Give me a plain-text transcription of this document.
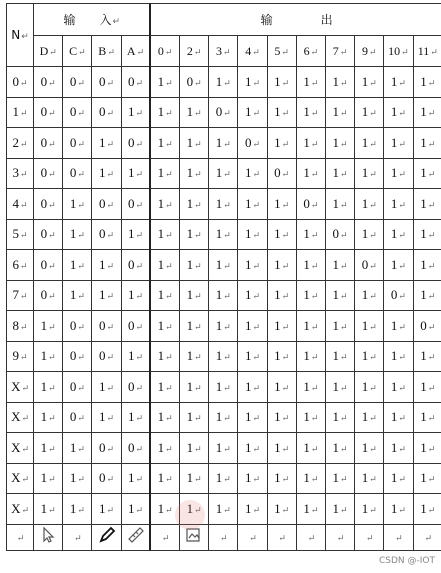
N↵	输　　入↵				输　　　　出									
	D↵	C↵	B↵	A↵	0↵	2↵	3↵	4↵	5↵	6↵	7↵	9↵	10↵	11↵
0↵	0↵	0↵	0↵	0↵	1↵	0↵	1↵	1↵	1↵	1↵	1↵	1↵	1↵	1↵
1↵	0↵	0↵	0↵	1↵	1↵	1↵	0↵	1↵	1↵	1↵	1↵	1↵	1↵	1↵
2↵	0↵	0↵	1↵	0↵	1↵	1↵	1↵	0↵	1↵	1↵	1↵	1↵	1↵	1↵
3↵	0↵	0↵	1↵	1↵	1↵	1↵	1↵	1↵	0↵	1↵	1↵	1↵	1↵	1↵
4↵	0↵	1↵	0↵	0↵	1↵	1↵	1↵	1↵	1↵	0↵	1↵	1↵	1↵	1↵
5↵	0↵	1↵	0↵	1↵	1↵	1↵	1↵	1↵	1↵	1↵	0↵	1↵	1↵	1↵
6↵	0↵	1↵	1↵	0↵	1↵	1↵	1↵	1↵	1↵	1↵	1↵	0↵	1↵	1↵
7↵	0↵	1↵	1↵	1↵	1↵	1↵	1↵	1↵	1↵	1↵	1↵	1↵	0↵	1↵
8↵	1↵	0↵	0↵	0↵	1↵	1↵	1↵	1↵	1↵	1↵	1↵	1↵	1↵	0↵
9↵	1↵	0↵	0↵	1↵	1↵	1↵	1↵	1↵	1↵	1↵	1↵	1↵	1↵	1↵
X↵	1↵	0↵	1↵	0↵	1↵	1↵	1↵	1↵	1↵	1↵	1↵	1↵	1↵	1↵
X↵	1↵	0↵	1↵	1↵	1↵	1↵	1↵	1↵	1↵	1↵	1↵	1↵	1↵	1↵
X↵	1↵	1↵	0↵	0↵	1↵	1↵	1↵	1↵	1↵	1↵	1↵	1↵	1↵	1↵
X↵	1↵	1↵	0↵	1↵	1↵	1↵	1↵	1↵	1↵	1↵	1↵	1↵	1↵	1↵
X↵	1↵	1↵	1↵	1↵	1↵	1↵	1↵	1↵	1↵	1↵	1↵	1↵	1↵	1↵
↵		↵			↵		↵	↵	↵	↵	↵	↵	↵	↵
CSDN @-IOT
